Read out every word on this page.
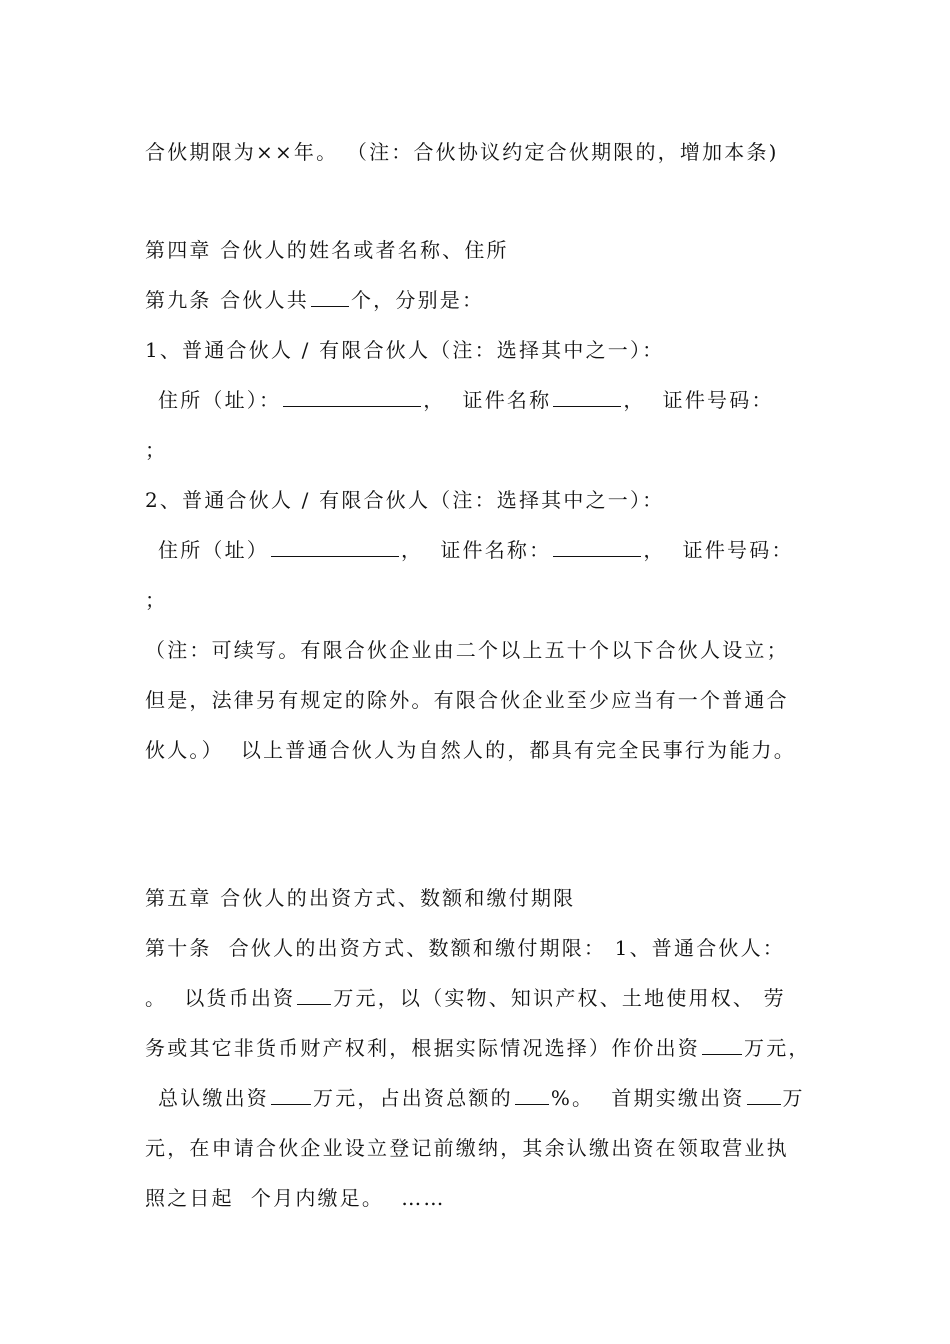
合伙期限为××年。 （注：合伙协议约定合伙期限的，增加本条)
第四章 合伙人的姓名或者名称、住所
第九条 合伙人共 个，分别是：
1、普通合伙人 / 有限合伙人（注：选择其中之一）：
住所（址）：	，  证件名称	，  证件号码：
；
2、普通合伙人 / 有限合伙人（注：选择其中之一）：
住所（址）	，  证件名称：	，  证件号码：
；
（注：可续写。有限合伙企业由二个以上五十个以下合伙人设立；
但是，法律另有规定的除外。有限合伙企业至少应当有一个普通合
伙人。）  以上普通合伙人为自然人的，都具有完全民事行为能力。
第五章 合伙人的出资方式、数额和缴付期限
第十条  合伙人的出资方式、数额和缴付期限： 1、普通合伙人：
。  以货币出资 万元，以（实物、知识产权、土地使用权、 劳
务或其它非货币财产权利，根据实际情况选择）作价出资 万元，
总认缴出资 万元，占出资总额的 %。  首期实缴出资 万
元，在申请合伙企业设立登记前缴纳，其余认缴出资在领取营业执
照之日起  个月内缴足。  ……
